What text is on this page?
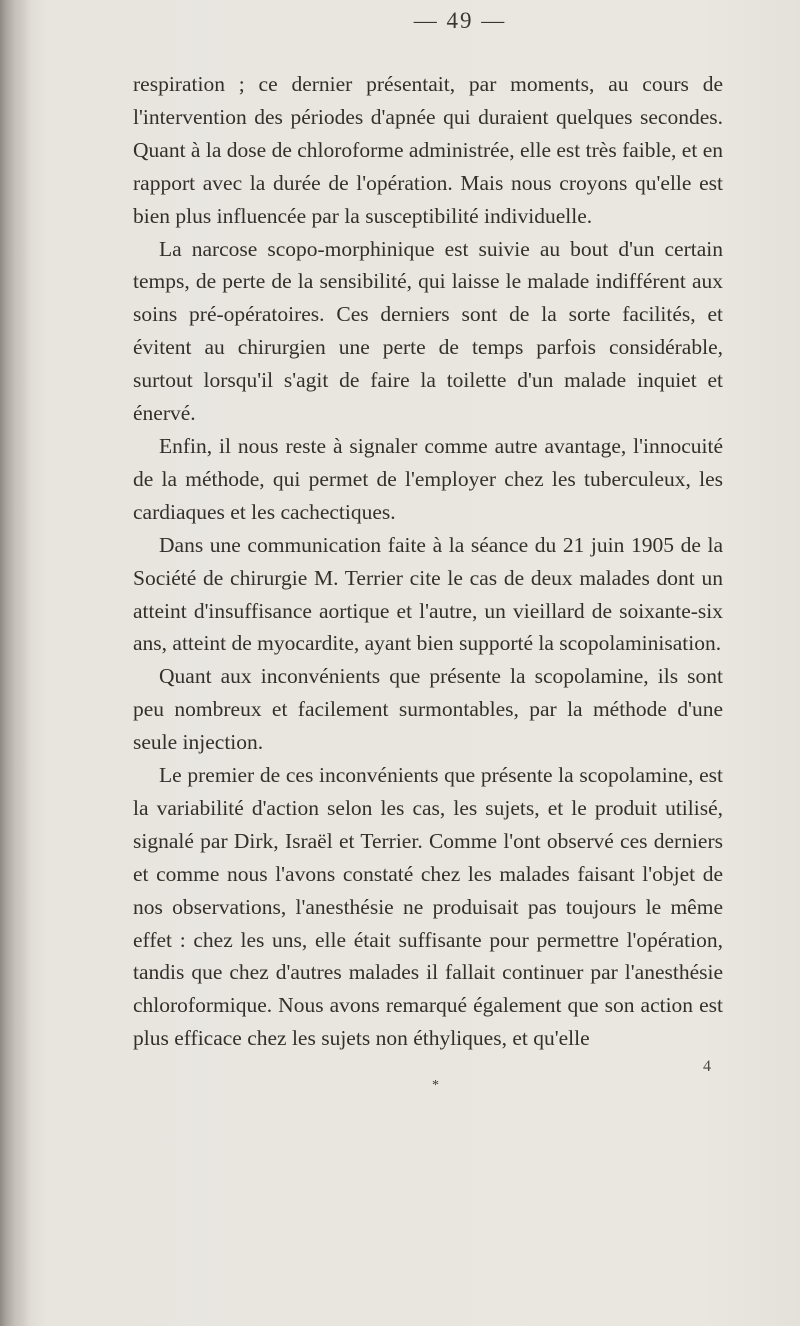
— 49 —

respiration ; ce dernier présentait, par moments, au cours de l'intervention des périodes d'apnée qui duraient quelques secondes. Quant à la dose de chloroforme administrée, elle est très faible, et en rapport avec la durée de l'opération. Mais nous croyons qu'elle est bien plus influencée par la susceptibilité individuelle.

La narcose scopo-morphinique est suivie au bout d'un certain temps, de perte de la sensibilité, qui laisse le malade indifférent aux soins pré-opératoires. Ces derniers sont de la sorte facilités, et évitent au chirurgien une perte de temps parfois considérable, surtout lorsqu'il s'agit de faire la toilette d'un malade inquiet et énervé.

Enfin, il nous reste à signaler comme autre avantage, l'innocuité de la méthode, qui permet de l'employer chez les tuberculeux, les cardiaques et les cachectiques.

Dans une communication faite à la séance du 21 juin 1905 de la Société de chirurgie M. Terrier cite le cas de deux malades dont un atteint d'insuffisance aortique et l'autre, un vieillard de soixante-six ans, atteint de myocardite, ayant bien supporté la scopolaminisation.

Quant aux inconvénients que présente la scopolamine, ils sont peu nombreux et facilement surmontables, par la méthode d'une seule injection.

Le premier de ces inconvénients que présente la scopolamine, est la variabilité d'action selon les cas, les sujets, et le produit utilisé, signalé par Dirk, Israël et Terrier. Comme l'ont observé ces derniers et comme nous l'avons constaté chez les malades faisant l'objet de nos observations, l'anesthésie ne produisait pas toujours le même effet : chez les uns, elle était suffisante pour permettre l'opération, tandis que chez d'autres malades il fallait continuer par l'anesthésie chloroformique. Nous avons remarqué également que son action est plus efficace chez les sujets non éthyliques, et qu'elle

4
*
